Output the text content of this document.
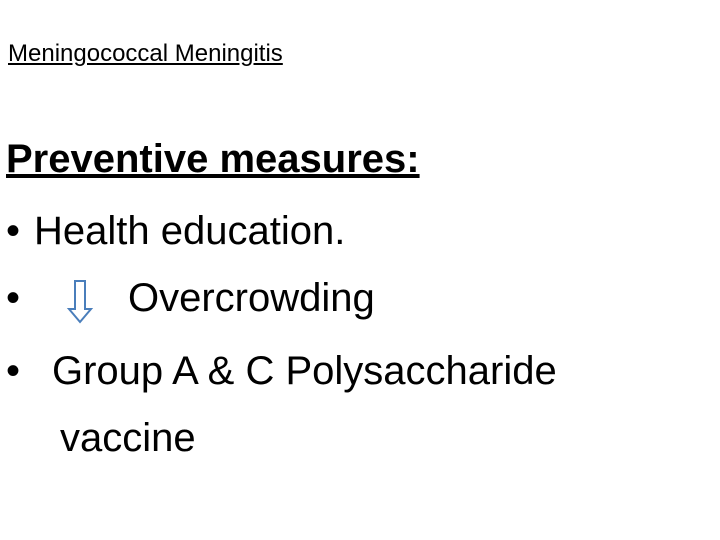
Meningococcal Meningitis
Preventive measures:
• Health education.
•	Overcrowding
• Group A & C Polysaccharide
vaccine
